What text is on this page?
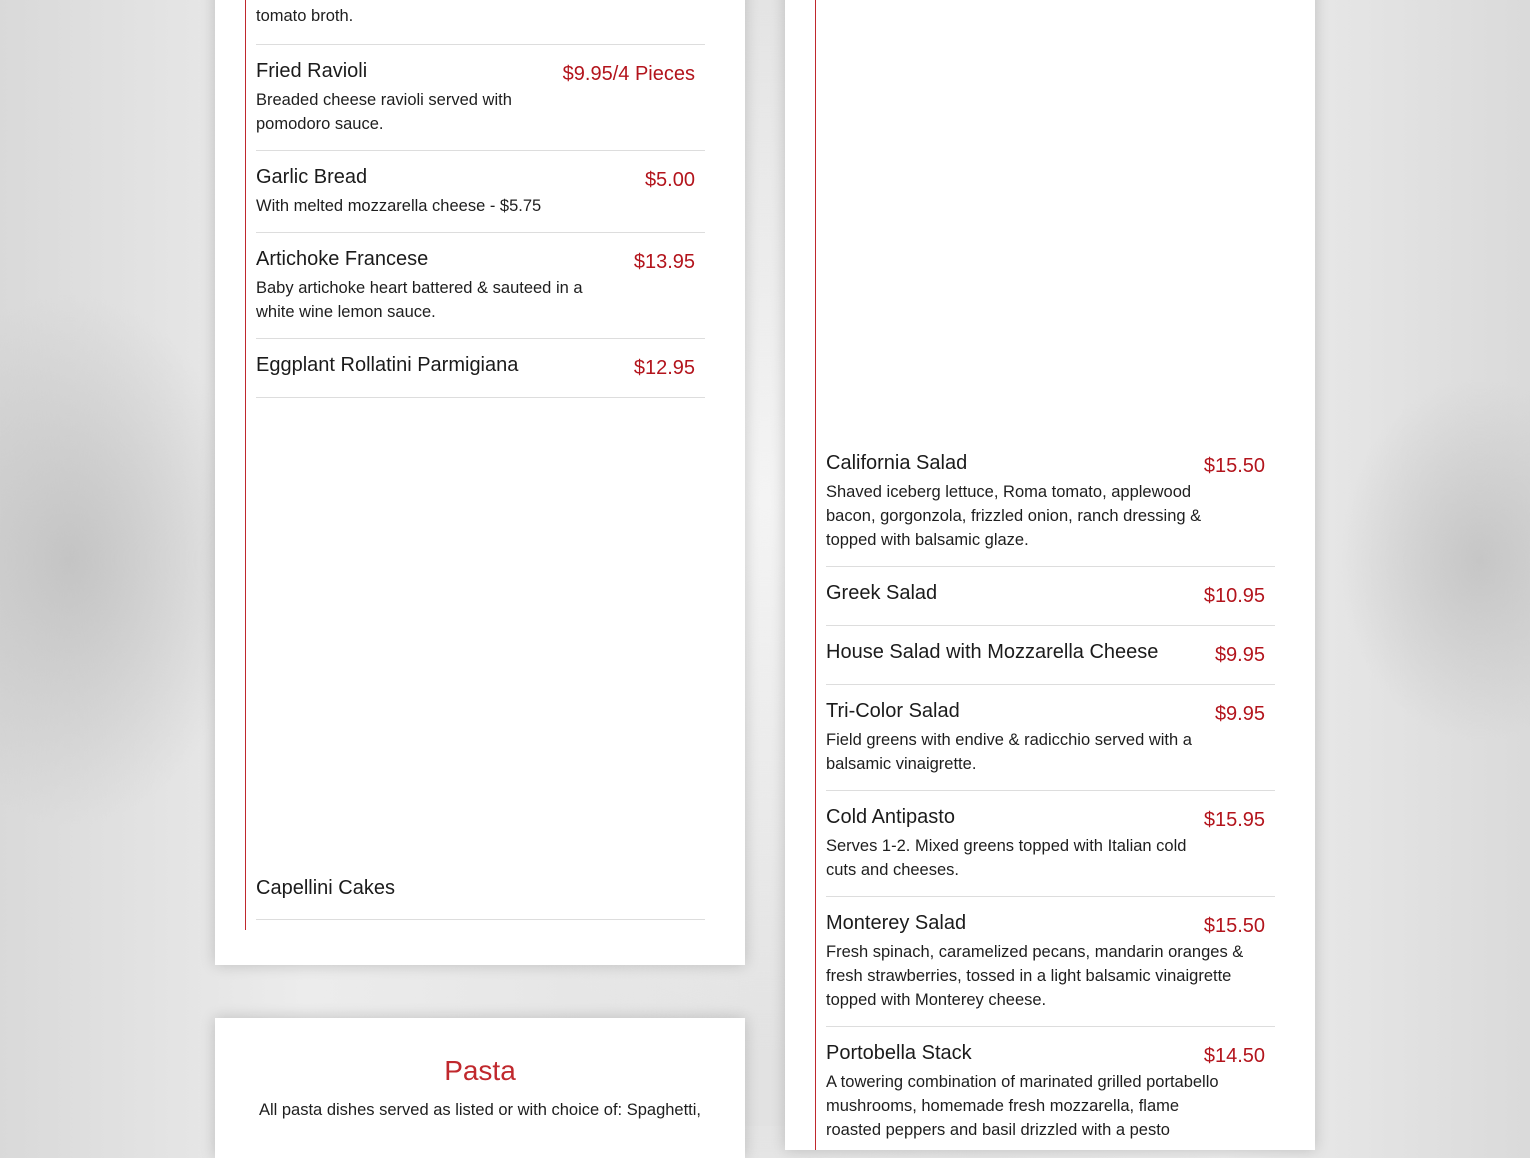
tomato broth.
Fried Ravioli	$9.95/4 Pieces
Breaded cheese ravioli served with pomodoro sauce.
Garlic Bread	$5.00
With melted mozzarella cheese - $5.75
Artichoke Francese	$13.95
Baby artichoke heart battered & sauteed in a white wine lemon sauce.
Eggplant Rollatini Parmigiana	$12.95
Capellini Cakes
Pasta
All pasta dishes served as listed or with choice of: Spaghetti,
California Salad	$15.50
Shaved iceberg lettuce, Roma tomato, applewood bacon, gorgonzola, frizzled onion, ranch dressing & topped with balsamic glaze.
Greek Salad	$10.95
House Salad with Mozzarella Cheese	$9.95
Tri-Color Salad	$9.95
Field greens with endive & radicchio served with a balsamic vinaigrette.
Cold Antipasto	$15.95
Serves 1-2. Mixed greens topped with Italian cold cuts and cheeses.
Monterey Salad	$15.50
Fresh spinach, caramelized pecans, mandarin oranges & fresh strawberries, tossed in a light balsamic vinaigrette topped with Monterey cheese.
Portobella Stack	$14.50
A towering combination of marinated grilled portabello mushrooms, homemade fresh mozzarella, flame roasted peppers and basil drizzled with a pesto
